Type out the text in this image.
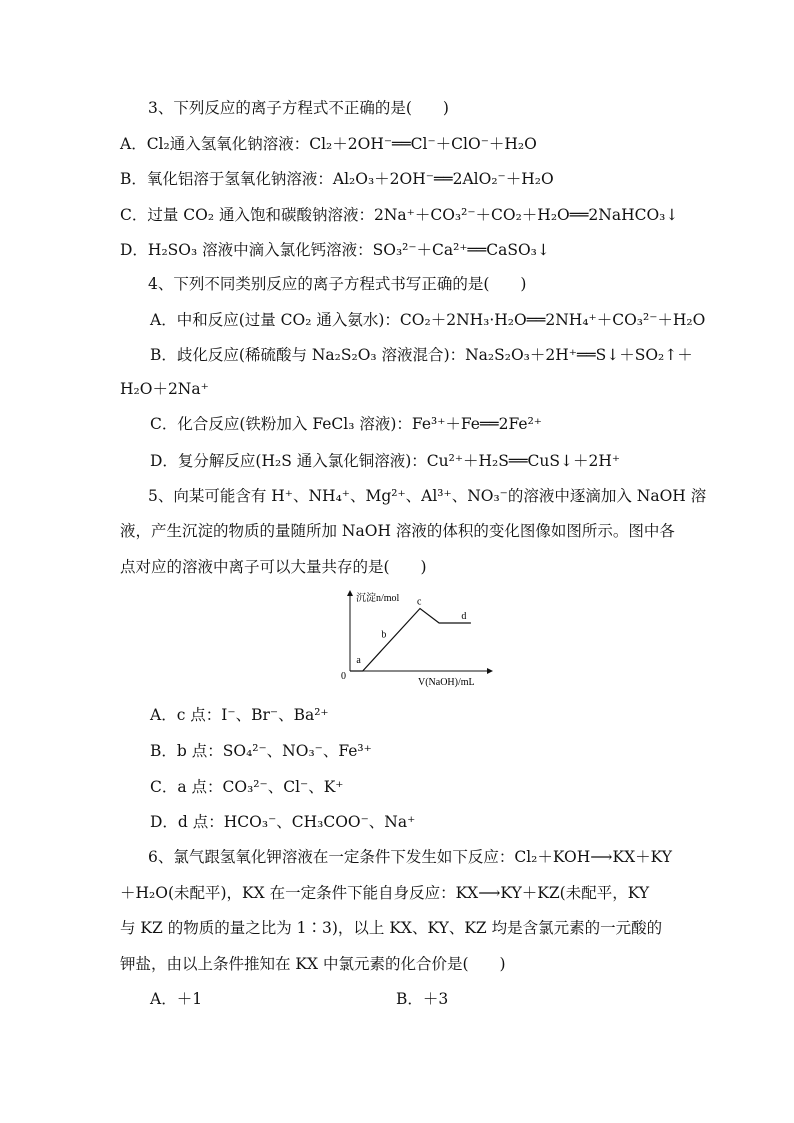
3、下列反应的离子方程式不正确的是(　　)
A．Cl₂通入氢氧化钠溶液：Cl₂＋2OH⁻══Cl⁻＋ClO⁻＋H₂O
B．氧化铝溶于氢氧化钠溶液：Al₂O₃＋2OH⁻══2AlO₂⁻＋H₂O
C．过量 CO₂ 通入饱和碳酸钠溶液：2Na⁺＋CO₃²⁻＋CO₂＋H₂O══2NaHCO₃↓
D．H₂SO₃ 溶液中滴入氯化钙溶液：SO₃²⁻＋Ca²⁺══CaSO₃↓
4、下列不同类别反应的离子方程式书写正确的是(　　)
A．中和反应(过量 CO₂ 通入氨水)：CO₂＋2NH₃·H₂O══2NH₄⁺＋CO₃²⁻＋H₂O
B．歧化反应(稀硫酸与 Na₂S₂O₃ 溶液混合)：Na₂S₂O₃＋2H⁺══S↓＋SO₂↑＋
H₂O＋2Na⁺
C．化合反应(铁粉加入 FeCl₃ 溶液)：Fe³⁺＋Fe══2Fe²⁺
D．复分解反应(H₂S 通入氯化铜溶液)：Cu²⁺＋H₂S══CuS↓＋2H⁺
5、向某可能含有 H⁺、NH₄⁺、Mg²⁺、Al³⁺、NO₃⁻的溶液中逐滴加入 NaOH 溶
液，产生沉淀的物质的量随所加 NaOH 溶液的体积的变化图像如图所示。图中各
点对应的溶液中离子可以大量共存的是(　　)
沉淀n/mol
V(NaOH)/mL
0
a
b
c
d
A．c 点：I⁻、Br⁻、Ba²⁺
B．b 点：SO₄²⁻、NO₃⁻、Fe³⁺
C．a 点：CO₃²⁻、Cl⁻、K⁺
D．d 点：HCO₃⁻、CH₃COO⁻、Na⁺
6、氯气跟氢氧化钾溶液在一定条件下发生如下反应：Cl₂＋KOH⟶KX＋KY
＋H₂O(未配平)，KX 在一定条件下能自身反应：KX⟶KY＋KZ(未配平，KY
与 KZ 的物质的量之比为 1∶3)，以上 KX、KY、KZ 均是含氯元素的一元酸的
钾盐，由以上条件推知在 KX 中氯元素的化合价是(　　)
A．＋1	B．＋3
